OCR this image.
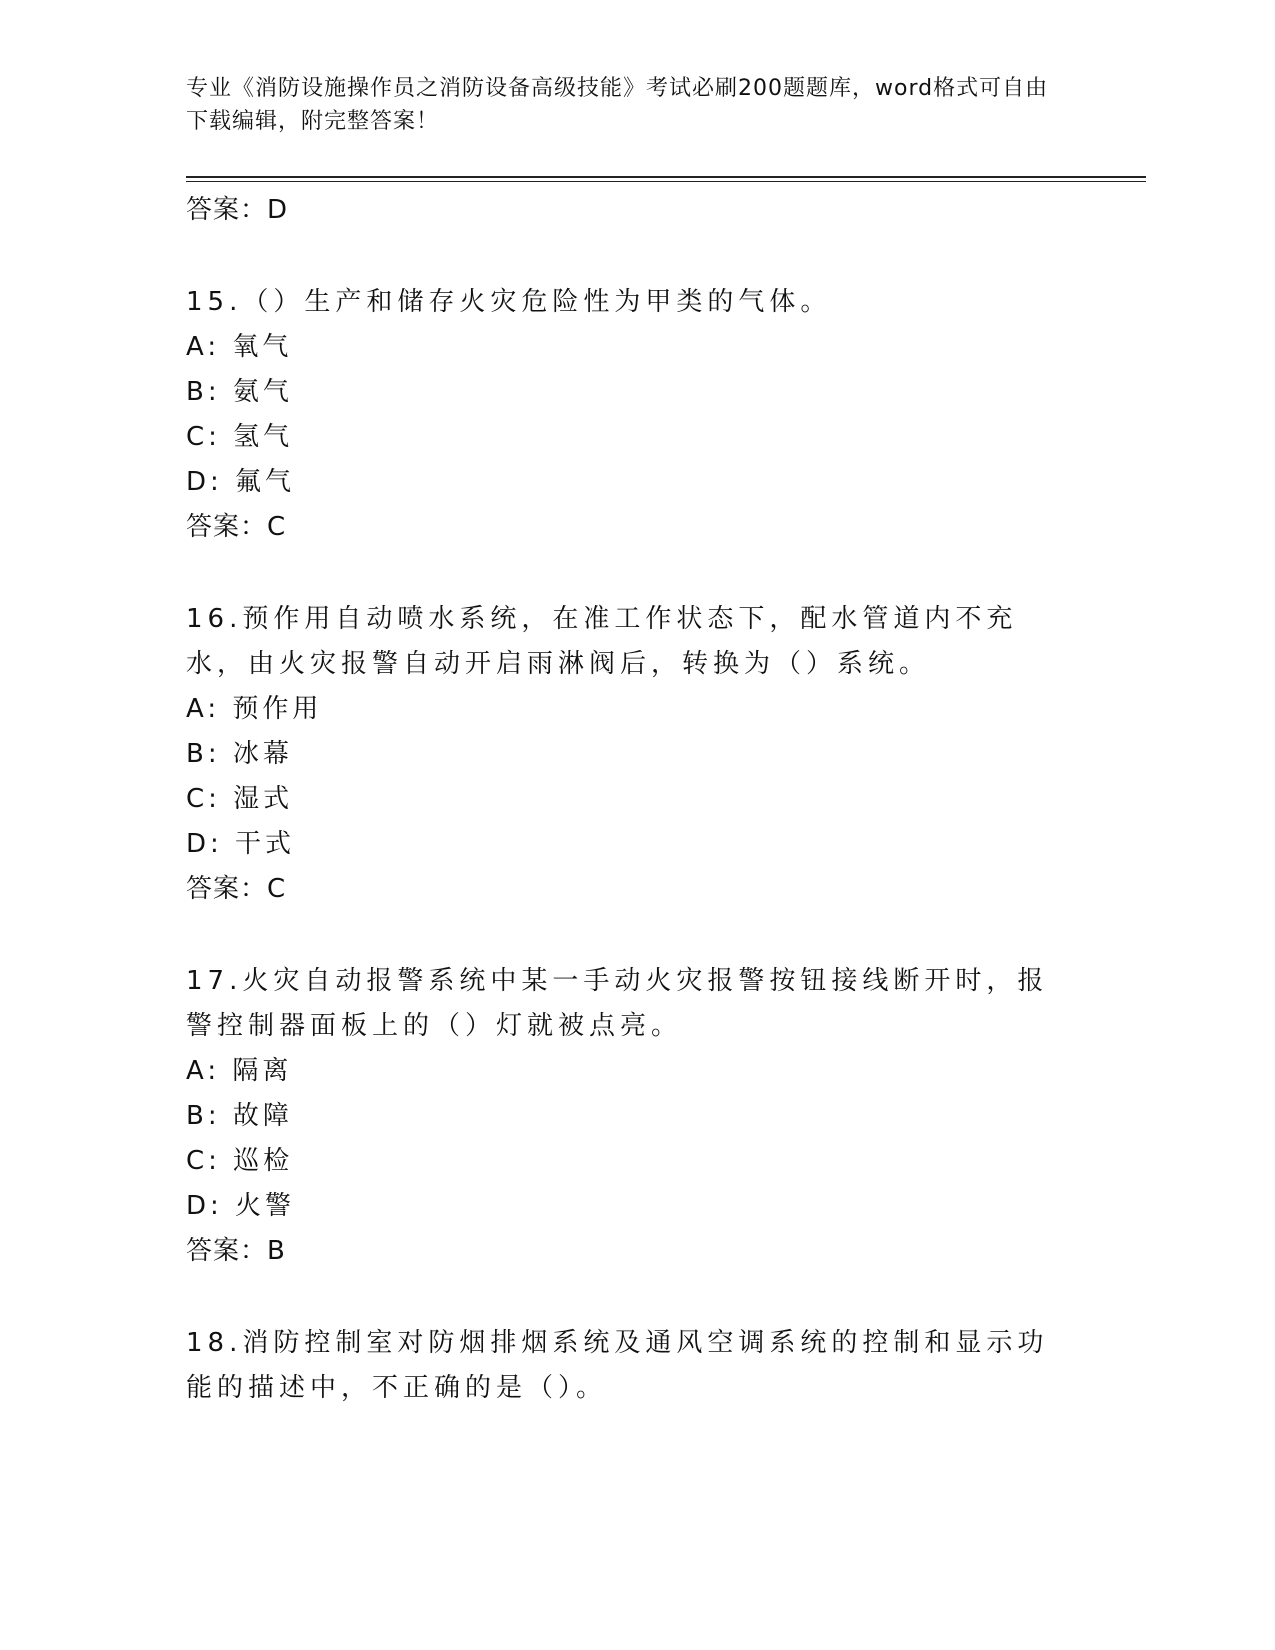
专业《消防设施操作员之消防设备高级技能》考试必刷200题题库，word格式可自由下载编辑，附完整答案！
答案：D
15.（）生产和储存火灾危险性为甲类的气体。
A: 氧气
B: 氨气
C: 氢气
D: 氟气
答案：C
16.预作用自动喷水系统，在准工作状态下，配水管道内不充水，由火灾报警自动开启雨淋阀后，转换为（）系统。
A: 预作用
B: 冰幕
C: 湿式
D: 干式
答案：C
17.火灾自动报警系统中某一手动火灾报警按钮接线断开时，报警控制器面板上的（）灯就被点亮。
A: 隔离
B: 故障
C: 巡检
D: 火警
答案：B
18.消防控制室对防烟排烟系统及通风空调系统的控制和显示功能的描述中，不正确的是（）。
